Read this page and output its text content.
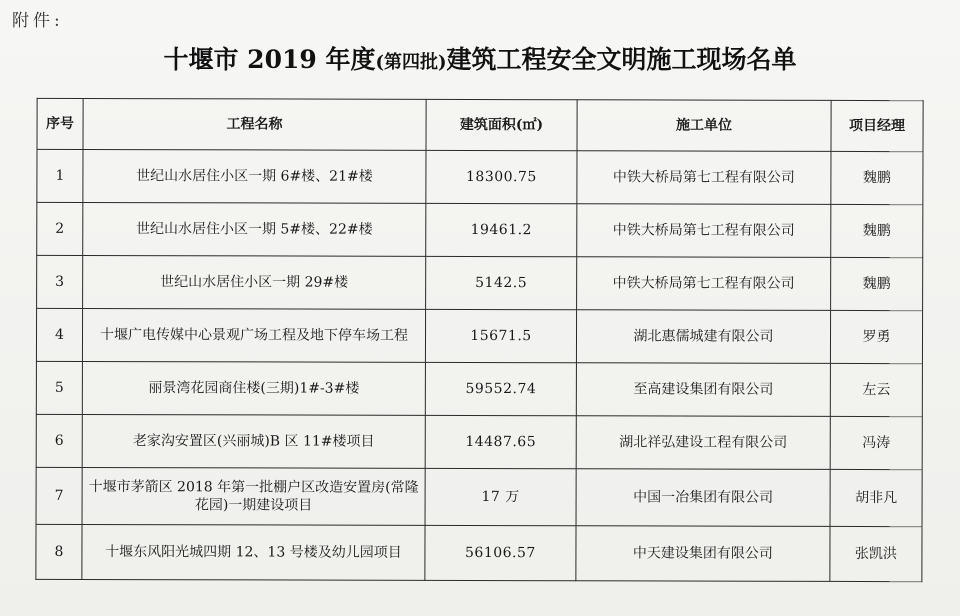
附件:
十堰市 2019 年度(第四批)建筑工程安全文明施工现场名单
序号	工程名称	建筑面积(㎡)	施工单位	项目经理
1	世纪山水居住小区一期 6#楼、21#楼	18300.75	中铁大桥局第七工程有限公司	魏鹏
2	世纪山水居住小区一期 5#楼、22#楼	19461.2	中铁大桥局第七工程有限公司	魏鹏
3	世纪山水居住小区一期 29#楼	5142.5	中铁大桥局第七工程有限公司	魏鹏
4	十堰广电传媒中心景观广场工程及地下停车场工程	15671.5	湖北惠儒城建有限公司	罗勇
5	丽景湾花园商住楼(三期)1#-3#楼	59552.74	至高建设集团有限公司	左云
6	老家沟安置区(兴丽城)B 区 11#楼项目	14487.65	湖北祥弘建设工程有限公司	冯涛
7	十堰市茅箭区 2018 年第一批棚户区改造安置房(常隆花园)一期建设项目	17 万	中国一冶集团有限公司	胡非凡
8	十堰东风阳光城四期 12、13 号楼及幼儿园项目	56106.57	中天建设集团有限公司	张凯洪
